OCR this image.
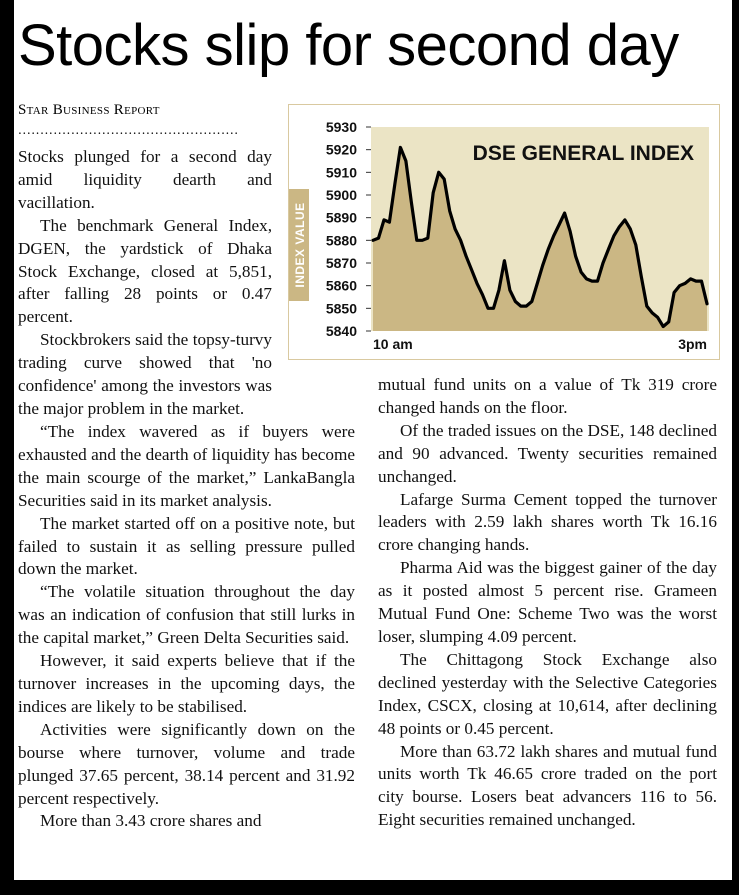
Stocks slip for second day
Star Business Report
..................................................
INDEX VALUE
5930
5920
5910
5900
5890
5880
5870
5860
5850
5840
DSE GENERAL INDEX
10 am	3pm

Stocks plunged for a second day amid liquidity dearth and vacillation.

The benchmark General Index, DGEN, the yardstick of Dhaka Stock Exchange, closed at 5,851, after falling 28 points or 0.47 percent.

Stockbrokers said the topsy-turvy trading curve showed that 'no confidence' among the investors was the major problem in the market.

“The index wavered as if buyers were exhausted and the dearth of liquidity has become the main scourge of the market,” LankaBangla Securities said in its market analysis.

The market started off on a positive note, but failed to sustain it as selling pressure pulled down the market.

“The volatile situation throughout the day was an indication of confusion that still lurks in the capital market,” Green Delta Securities said.

However, it said experts believe that if the turnover increases in the upcoming days, the indices are likely to be stabilised.

Activities were significantly down on the bourse where turnover, volume and trade plunged 37.65 percent, 38.14 percent and 31.92 percent respectively.

More than 3.43 crore shares and

mutual fund units on a value of Tk 319 crore changed hands on the floor.

Of the traded issues on the DSE, 148 declined and 90 advanced. Twenty securities remained unchanged.

Lafarge Surma Cement topped the turnover leaders with 2.59 lakh shares worth Tk 16.16 crore changing hands.

Pharma Aid was the biggest gainer of the day as it posted almost 5 percent rise. Grameen Mutual Fund One: Scheme Two was the worst loser, slumping 4.09 percent.

The Chittagong Stock Exchange also declined yesterday with the Selective Categories Index, CSCX, closing at 10,614, after declining 48 points or 0.45 percent.

More than 63.72 lakh shares and mutual fund units worth Tk 46.65 crore traded on the port city bourse. Losers beat advancers 116 to 56. Eight securities remained unchanged.
